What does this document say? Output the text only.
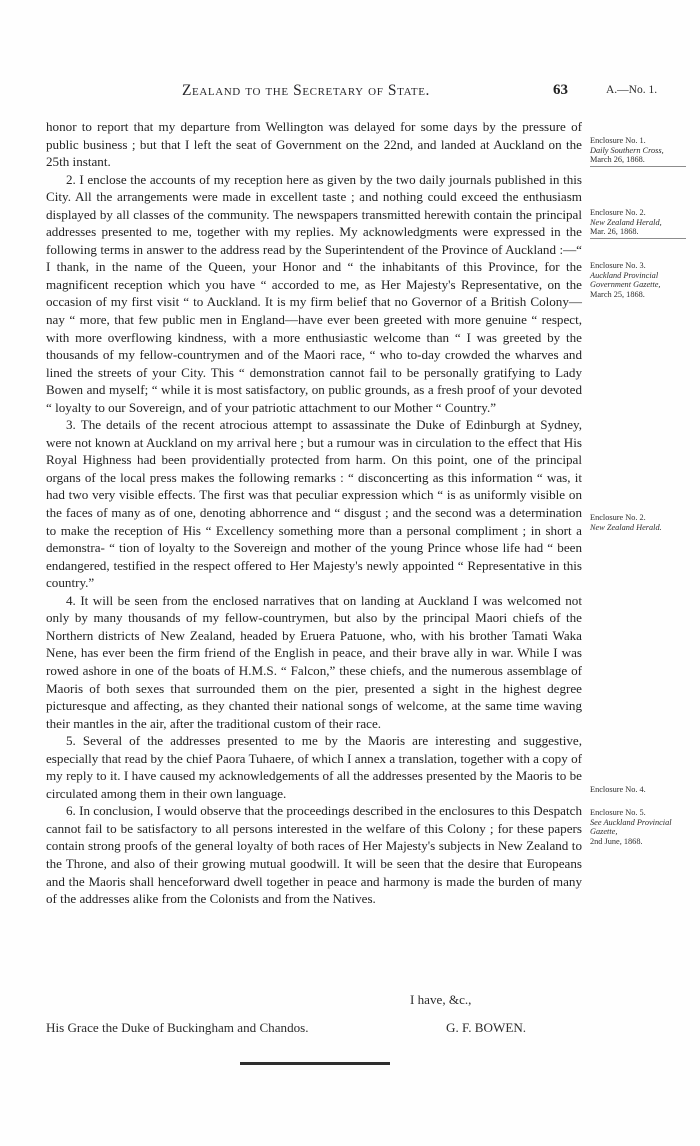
Zealand to the Secretary of State.	63	A.—No. 1.

honor to report that my departure from Wellington was delayed for some days by the pressure of public business ; but that I left the seat of Government on the 22nd, and landed at Auckland on the 25th instant.

2. I enclose the accounts of my reception here as given by the two daily journals published in this City. All the arrangements were made in excellent taste ; and nothing could exceed the enthusiasm displayed by all classes of the community. The newspapers transmitted herewith contain the principal addresses presented to me, together with my replies. My acknowledgments were expressed in the following terms in answer to the address read by the Superintendent of the Province of Auckland :—“ I thank, in the name of the Queen, your Honor and “ the inhabitants of this Province, for the magnificent reception which you have “ accorded to me, as Her Majesty's Representative, on the occasion of my first visit “ to Auckland. It is my firm belief that no Governor of a British Colony—nay “ more, that few public men in England—have ever been greeted with more genuine “ respect, with more overflowing kindness, with a more enthusiastic welcome than “ I was greeted by the thousands of my fellow-countrymen and of the Maori race, “ who to-day crowded the wharves and lined the streets of your City. This “ demonstration cannot fail to be personally gratifying to Lady Bowen and myself; “ while it is most satisfactory, on public grounds, as a fresh proof of your devoted “ loyalty to our Sovereign, and of your patriotic attachment to our Mother “ Country.”

3. The details of the recent atrocious attempt to assassinate the Duke of Edinburgh at Sydney, were not known at Auckland on my arrival here ; but a rumour was in circulation to the effect that His Royal Highness had been providentially protected from harm. On this point, one of the principal organs of the local press makes the following remarks : “ disconcerting as this information “ was, it had two very visible effects. The first was that peculiar expression which “ is as uniformly visible on the faces of many as of one, denoting abhorrence and “ disgust ; and the second was a determination to make the reception of His “ Excellency something more than a personal compliment ; in short a demonstra- “ tion of loyalty to the Sovereign and mother of the young Prince whose life had “ been endangered, testified in the respect offered to Her Majesty's newly appointed “ Representative in this country.”

4. It will be seen from the enclosed narratives that on landing at Auckland I was welcomed not only by many thousands of my fellow-countrymen, but also by the principal Maori chiefs of the Northern districts of New Zealand, headed by Eruera Patuone, who, with his brother Tamati Waka Nene, has ever been the firm friend of the English in peace, and their brave ally in war. While I was rowed ashore in one of the boats of H.M.S. “ Falcon,” these chiefs, and the numerous assemblage of Maoris of both sexes that surrounded them on the pier, presented a sight in the highest degree picturesque and affecting, as they chanted their national songs of welcome, at the same time waving their mantles in the air, after the traditional custom of their race.

5. Several of the addresses presented to me by the Maoris are interesting and suggestive, especially that read by the chief Paora Tuhaere, of which I annex a translation, together with a copy of my reply to it. I have caused my acknowledgements of all the addresses presented by the Maoris to be circulated among them in their own language.

6. In conclusion, I would observe that the proceedings described in the enclosures to this Despatch cannot fail to be satisfactory to all persons interested in the welfare of this Colony ; for these papers contain strong proofs of the general loyalty of both races of Her Majesty's subjects in New Zealand to the Throne, and also of their growing mutual goodwill. It will be seen that the desire that Europeans and the Maoris shall henceforward dwell together in peace and harmony is made the burden of many of the addresses alike from the Colonists and from the Natives.

Enclosure No. 1.
Daily Southern Cross,
March 26, 1868.
Enclosure No. 2.
New Zealand Herald,
Mar. 26, 1868.
Enclosure No. 3.
Auckland Provincial Government Gazette,
March 25, 1868.
Enclosure No. 2.
New Zealand Herald.
Enclosure No. 4.
Enclosure No. 5.
See Auckland Provincial Gazette,
2nd June, 1868.
I have, &c.,
His Grace the Duke of Buckingham and Chandos.	G. F. BOWEN.
